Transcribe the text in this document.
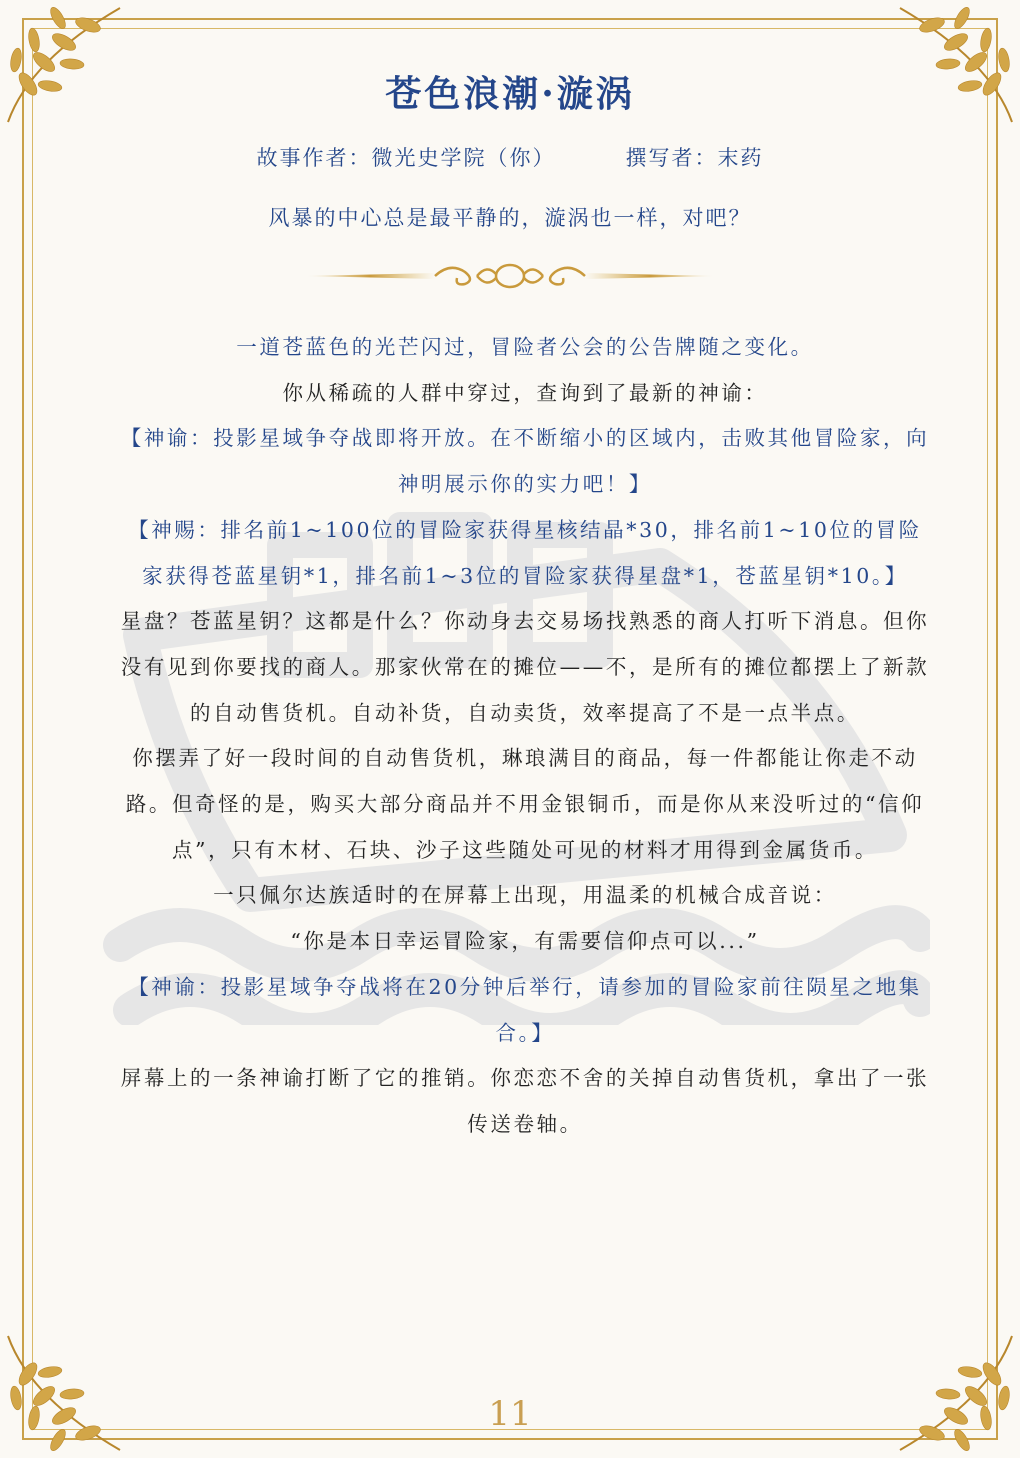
苍色浪潮·漩涡
故事作者：微光史学院（你）	撰写者：末药
风暴的中心总是最平静的，漩涡也一样，对吧？

一道苍蓝色的光芒闪过，冒险者公会的公告牌随之变化。

你从稀疏的人群中穿过，查询到了最新的神谕：

【神谕：投影星域争夺战即将开放。在不断缩小的区域内，击败其他冒险家，向神明展示你的实力吧！】

【神赐：排名前1~100位的冒险家获得星核结晶*30，排名前1~10位的冒险家获得苍蓝星钥*1，排名前1~3位的冒险家获得星盘*1，苍蓝星钥*10。】

星盘？苍蓝星钥？这都是什么？你动身去交易场找熟悉的商人打听下消息。但你没有见到你要找的商人。那家伙常在的摊位——不，是所有的摊位都摆上了新款的自动售货机。自动补货，自动卖货，效率提高了不是一点半点。

你摆弄了好一段时间的自动售货机，琳琅满目的商品，每一件都能让你走不动路。但奇怪的是，购买大部分商品并不用金银铜币，而是你从来没听过的“信仰点”，只有木材、石块、沙子这些随处可见的材料才用得到金属货币。

一只佩尔达族适时的在屏幕上出现，用温柔的机械合成音说：

“你是本日幸运冒险家，有需要信仰点可以...”

【神谕：投影星域争夺战将在20分钟后举行，请参加的冒险家前往陨星之地集合。】

屏幕上的一条神谕打断了它的推销。你恋恋不舍的关掉自动售货机，拿出了一张传送卷轴。

11
